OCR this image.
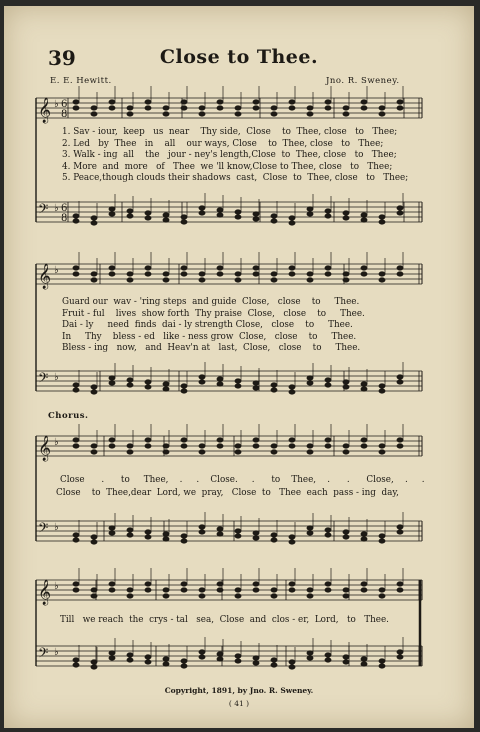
39	Close to Thee.
E. E. Hewitt.	Jno. R. Sweney.
𝄞 ♭
𝄢 ♭
6
8
6
8
𝄞 ♭
𝄢 ♭
𝄞 ♭
𝄢 ♭
𝄞 ♭
𝄢 ♭
1. Sav - iour,  keep   us  near    Thy side,  Close    to  Thee, close   to   Thee;
2. Led   by  Thee   in    all    our ways, Close    to  Thee, close   to   Thee;
3. Walk - ing  all    the   jour - ney's length,Close  to  Thee, close   to   Thee;
4. More  and  more   of   Thee  we 'll know,Close to Thee, close   to   Thee;
5. Peace,though clouds their shadows  cast,  Close  to  Thee, close   to   Thee;
Guard our  wav - 'ring steps  and guide  Close,   close    to     Thee.
Fruit - ful    lives  show forth  Thy praise  Close,   close    to     Thee.
Dai - ly     need  finds  dai - ly strength Close,   close    to     Thee.
In     Thy    bless - ed   like - ness grow  Close,   close    to     Thee.
Bless - ing   now,   and  Heav'n at   last,  Close,   close    to     Thee.
Chorus.
Close      .      to     Thee,    .     .    Close.     .      to    Thee,    .      .      Close,    .     .
Close    to  Thee,dear  Lord, we  pray,   Close  to   Thee  each  pass - ing  day,
Till   we reach  the  crys - tal   sea,  Close  and  clos - er,  Lord,   to   Thee.
Copyright, 1891, by Jno. R. Sweney.
( 41 )
